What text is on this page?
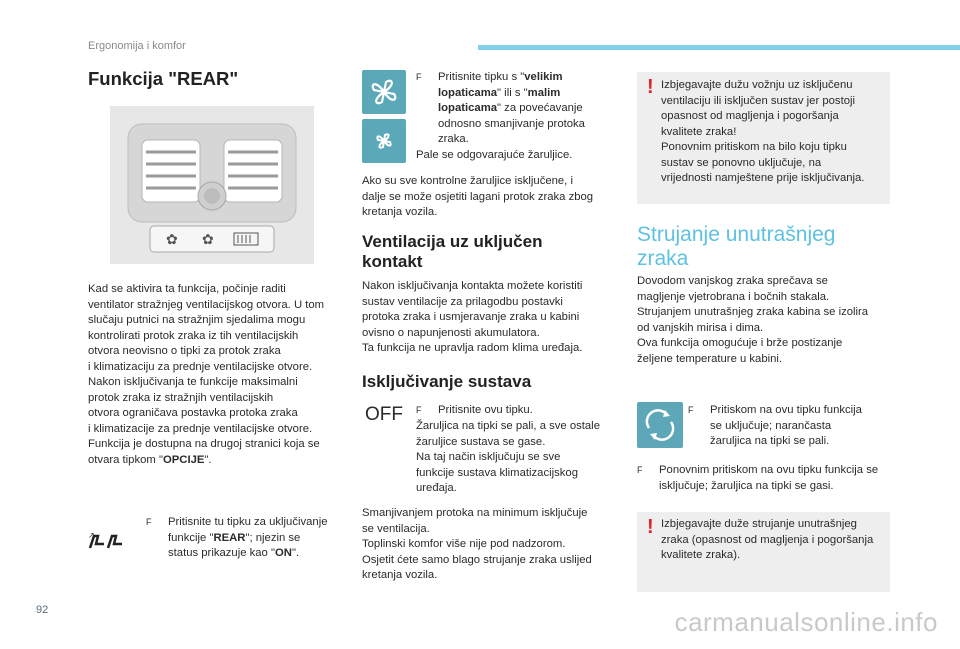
Ergonomija i komfor
Funkcija "REAR"
✿ ✿

Kad se aktivira ta funkcija, počinje raditi
ventilator stražnjeg ventilacijskog otvora. U tom
slučaju putnici na stražnjim sjedalima mogu
kontrolirati protok zraka iz tih ventilacijskih
otvora neovisno o tipki za protok zraka
i klimatizaciju za prednje ventilacijske otvore.
Nakon isključivanja te funkcije maksimalni
protok zraka iz stražnjih ventilacijskih
otvora ograničava postavka protoka zraka
i klimatizacije za prednje ventilacijske otvore.
Funkcija je dostupna na drugoj stranici koja se
otvara tipkom "OPCIJE".

↗
F	Pritisnite tu tipku za uključivanje
funkcije "REAR"; njezin se
status prikazuje kao "ON".

F	Pritisnite tipku s "velikim
lopaticama" ili s "malim
lopaticama" za povećavanje
odnosno smanjivanje protoka
zraka.

Pale se odgovarajuće žaruljice.

Ako su sve kontrolne žaruljice isključene, i
dalje se može osjetiti lagani protok zraka zbog
kretanja vozila.

Ventilacija uz uključen
kontakt

Nakon isključivanja kontakta možete koristiti
sustav ventilacije za prilagodbu postavki
protoka zraka i usmjeravanje zraka u kabini
ovisno o napunjenosti akumulatora.
Ta funkcija ne upravlja radom klima uređaja.

Isključivanje sustava
OFF F	Pritisnite ovu tipku.

Žaruljica na tipki se pali, a sve ostale
žaruljice sustava se gase.
Na taj način isključuju se sve
funkcije sustava klimatizacijskog
uređaja.

Smanjivanjem protoka na minimum isključuje
se ventilacija.
Toplinski komfor više nije pod nadzorom.
Osjetit ćete samo blago strujanje zraka uslijed
kretanja vozila.

! Izbjegavajte dužu vožnju uz isključenu
ventilaciju ili isključen sustav jer postoji
opasnost od magljenja i pogoršanja
kvalitete zraka!
Ponovnim pritiskom na bilo koju tipku
sustav se ponovno uključuje, na
vrijednosti namještene prije isključivanja.

Strujanje unutrašnjeg
zraka

Dovodom vanjskog zraka sprečava se
magljenje vjetrobrana i bočnih stakala.
Strujanjem unutrašnjeg zraka kabina se izolira
od vanjskih mirisa i dima.
Ova funkcija omogućuje i brže postizanje
željene temperature u kabini.

F	Pritiskom na ovu tipku funkcija
se uključuje; narančasta
žaruljica na tipki se pali.

F	Ponovnim pritiskom na ovu tipku funkcija se
isključuje; žaruljica na tipki se gasi.

! Izbjegavajte duže strujanje unutrašnjeg
zraka (opasnost od magljenja i pogoršanja
kvalitete zraka).

92	carmanualsonline.info
